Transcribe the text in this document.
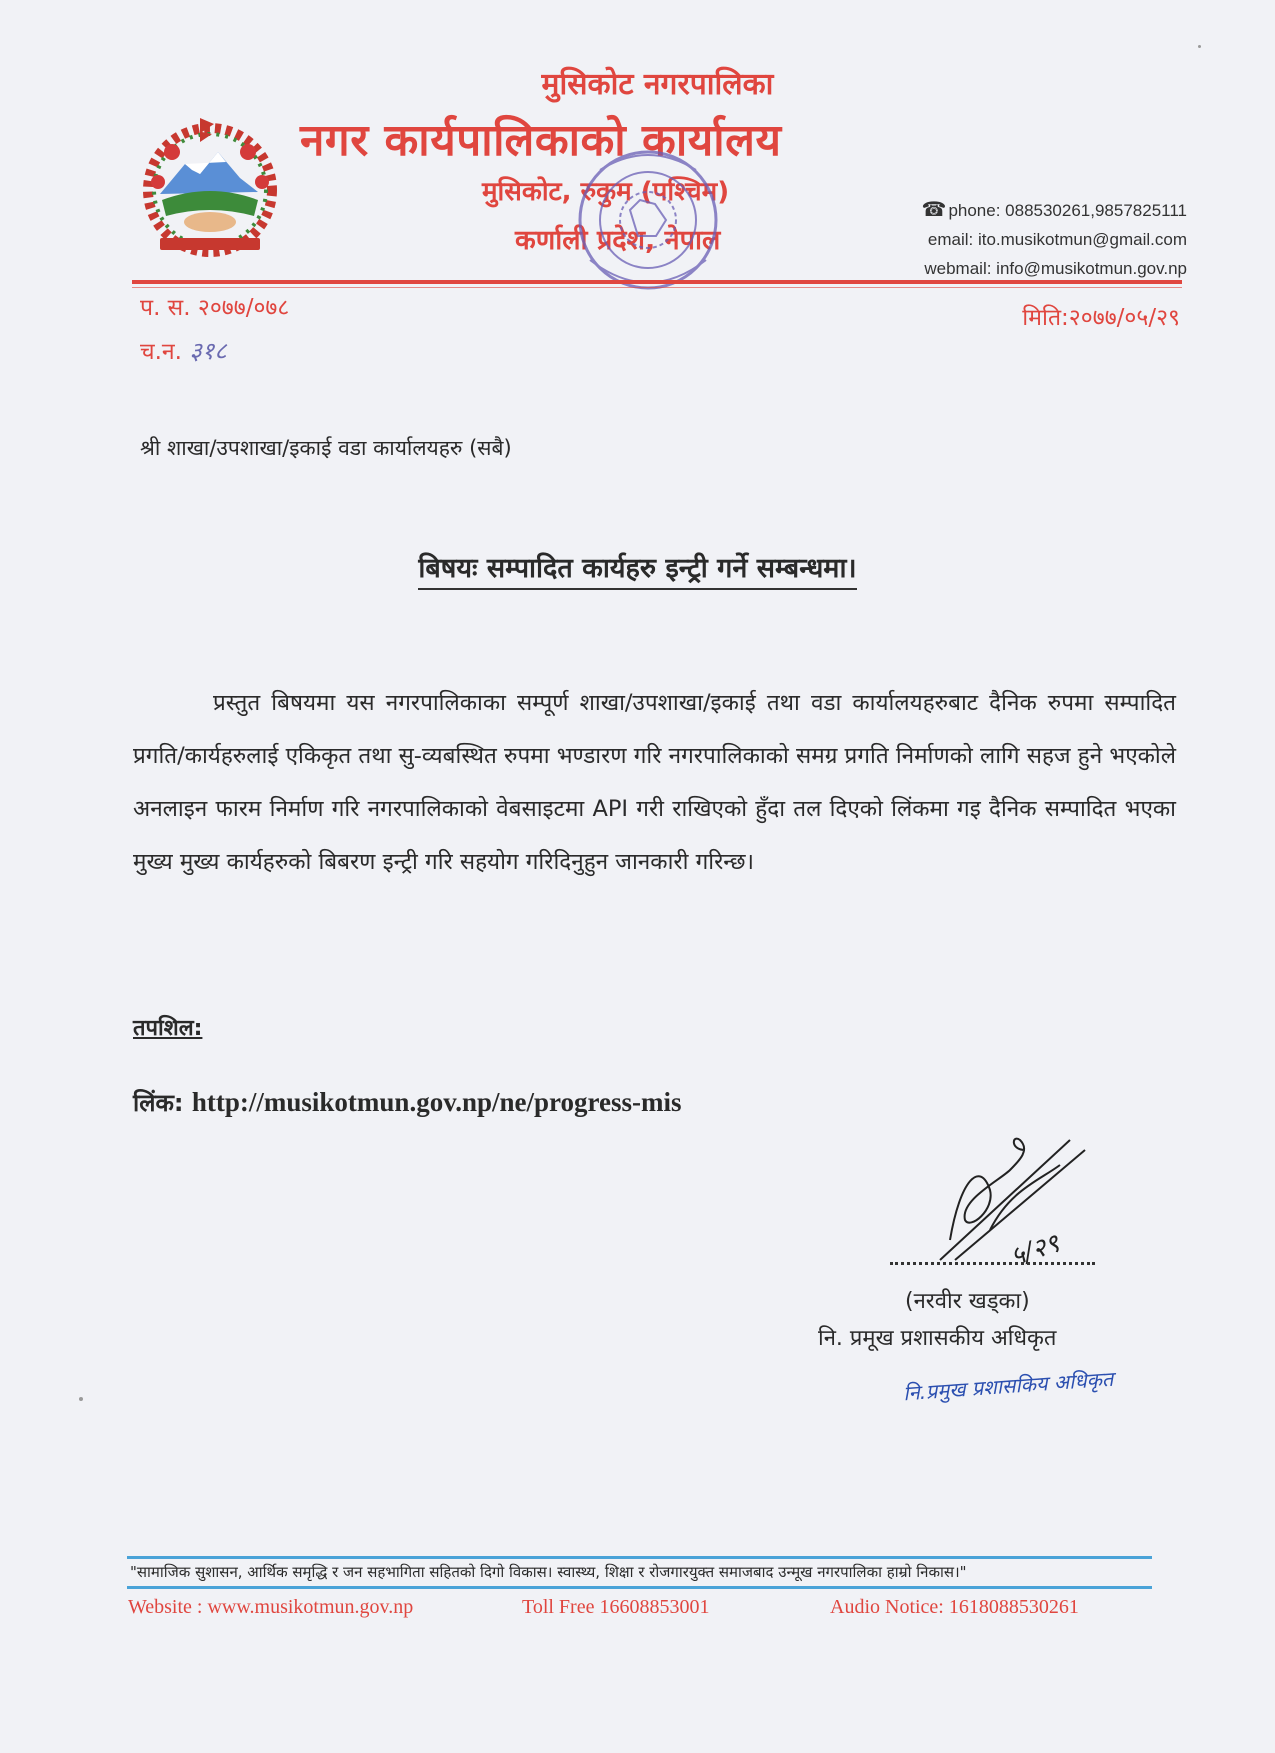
मुसिकोट नगरपालिका
नगर कार्यपालिकाको कार्यालय
मुसिकोट, रुकुम (पश्चिम)
कर्णाली प्रदेश, नेपाल
☎ phone: 088530261,9857825111
email: ito.musikotmun@gmail.com
webmail: info@musikotmun.gov.np
प. स. २०७७/०७८
च.न. ३१८
मिति:२०७७/०५/२९
श्री शाखा/उपशाखा/इकाई वडा कार्यालयहरु (सबै)
बिषयः सम्पादित कार्यहरु इन्ट्री गर्ने सम्बन्धमा।
प्रस्तुत बिषयमा यस नगरपालिकाका सम्पूर्ण शाखा/उपशाखा/इकाई तथा वडा कार्यालयहरुबाट दैनिक रुपमा सम्पादित प्रगति/कार्यहरुलाई एकिकृत तथा सु-व्यबस्थित रुपमा भण्डारण गरि नगरपालिकाको समग्र प्रगति निर्माणको लागि सहज हुने भएकोले अनलाइन फारम निर्माण गरि नगरपालिकाको वेबसाइटमा API गरी राखिएको हुँदा तल दिएको लिंकमा गइ दैनिक सम्पादित भएका मुख्य मुख्य कार्यहरुको बिबरण इन्ट्री गरि सहयोग गरिदिनुहुन जानकारी गरिन्छ।
तपशिल:
लिंक: http://musikotmun.gov.np/ne/progress-mis
५/२९
(नरवीर खड्का)
नि. प्रमूख प्रशासकीय अधिकृत
नि.प्रमुख प्रशासकिय अधिकृत
"सामाजिक सुशासन, आर्थिक समृद्धि र जन सहभागिता सहितको दिगो विकास। स्वास्थ्य, शिक्षा र रोजगारयुक्त समाजबाद उन्मूख नगरपालिका हाम्रो निकास।"
Website : www.musikotmun.gov.np	Toll Free 16608853001	Audio Notice: 1618088530261
